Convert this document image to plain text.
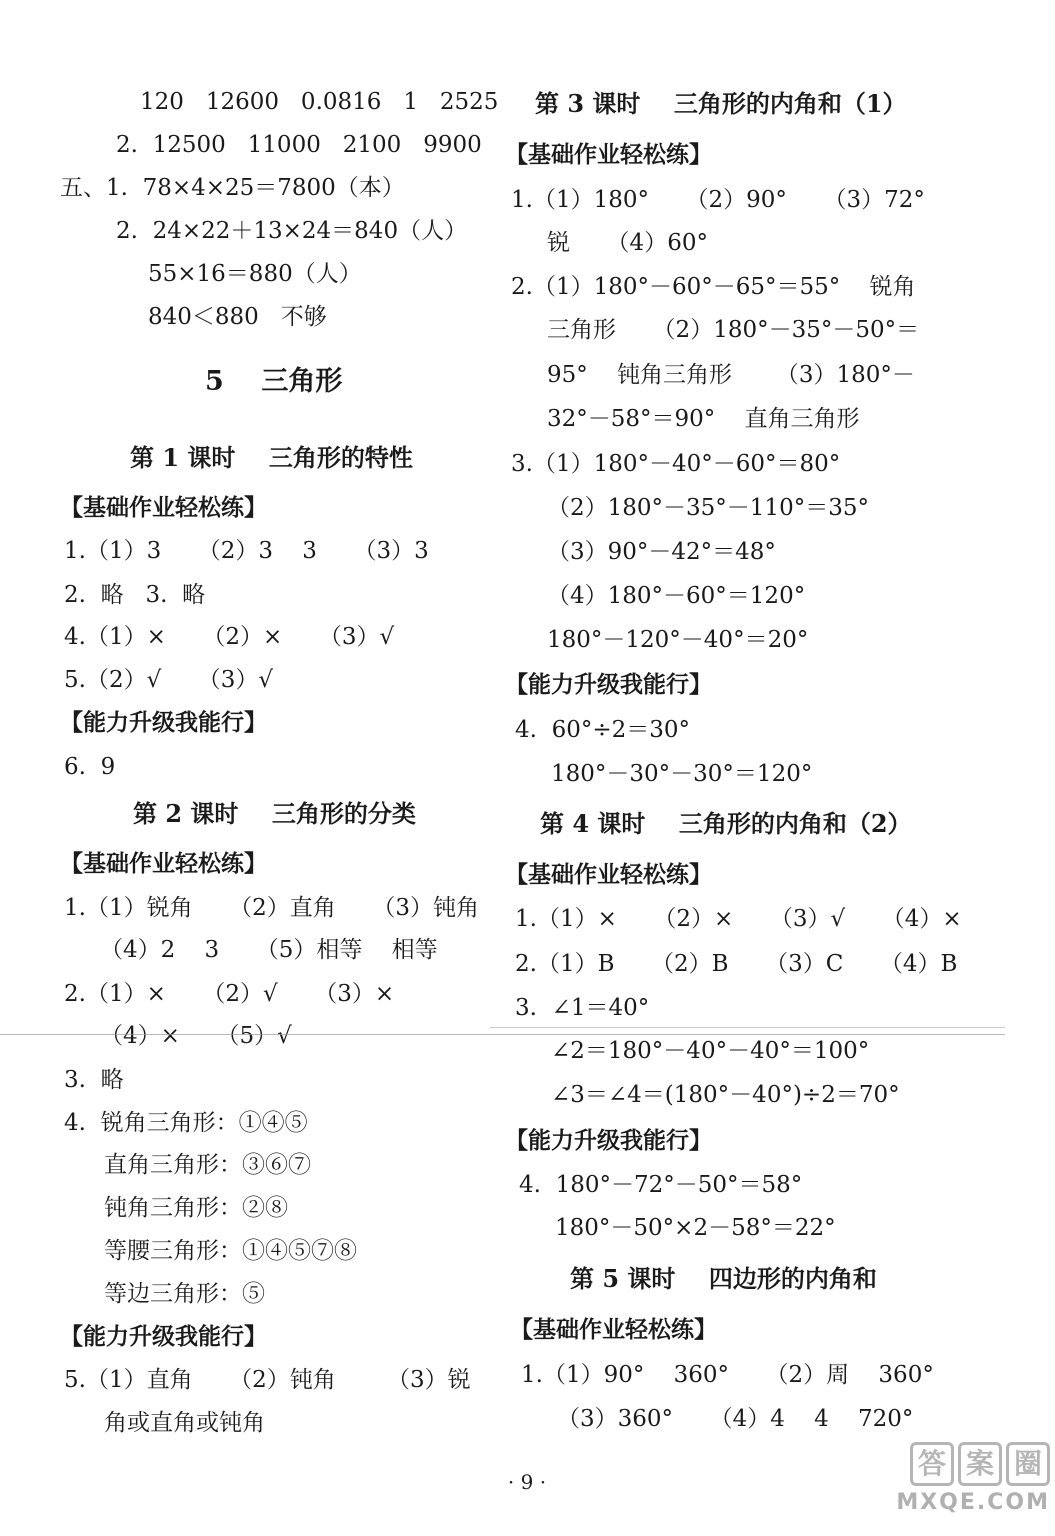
120   12600   0.0816   1   2525
2.  12500   11000   2100   9900
五、1.  78×4×25＝7800（本）
2.  24×22＋13×24＝840（人）
55×16＝880（人）
840＜880   不够
5    三角形
第 1 课时    三角形的特性
【基础作业轻松练】
1.（1）3     （2）3    3     （3）3
2.  略   3.  略
4.（1）×     （2）×     （3）√
5.（2）√     （3）√
【能力升级我能行】
6.  9
第 2 课时    三角形的分类
【基础作业轻松练】
1.（1）锐角     （2）直角     （3）钝角
（4）2    3     （5）相等    相等
2.（1）×     （2）√     （3）×
（4）×     （5）√
3.  略
4.  锐角三角形：①④⑤
直角三角形：③⑥⑦
钝角三角形：②⑧
等腰三角形：①④⑤⑦⑧
等边三角形：⑤
【能力升级我能行】
5.（1）直角     （2）钝角       （3）锐
角或直角或钝角
第 3 课时    三角形的内角和（1）
【基础作业轻松练】
1.（1）180°     （2）90°     （3）72°
锐     （4）60°
2.（1）180°－60°－65°＝55°    锐角
三角形     （2）180°－35°－50°＝
95°    钝角三角形      （3）180°－
32°－58°＝90°    直角三角形
3.（1）180°－40°－60°＝80°
（2）180°－35°－110°＝35°
（3）90°－42°＝48°
（4）180°－60°＝120°
180°－120°－40°＝20°
【能力升级我能行】
4.  60°÷2＝30°
180°－30°－30°＝120°
第 4 课时    三角形的内角和（2）
【基础作业轻松练】
1.（1）×     （2）×     （3）√     （4）×
2.（1）B     （2）B     （3）C     （4）B
3.  ∠1＝40°
∠2＝180°－40°－40°＝100°
∠3＝∠4＝(180°－40°)÷2＝70°
【能力升级我能行】
4.  180°－72°－50°＝58°
180°－50°×2－58°＝22°
第 5 课时    四边形的内角和
【基础作业轻松练】
1.（1）90°    360°     （2）周    360°
（3）360°     （4）4    4    720°
· 9 ·
答 案 圈
MXQE.COM
